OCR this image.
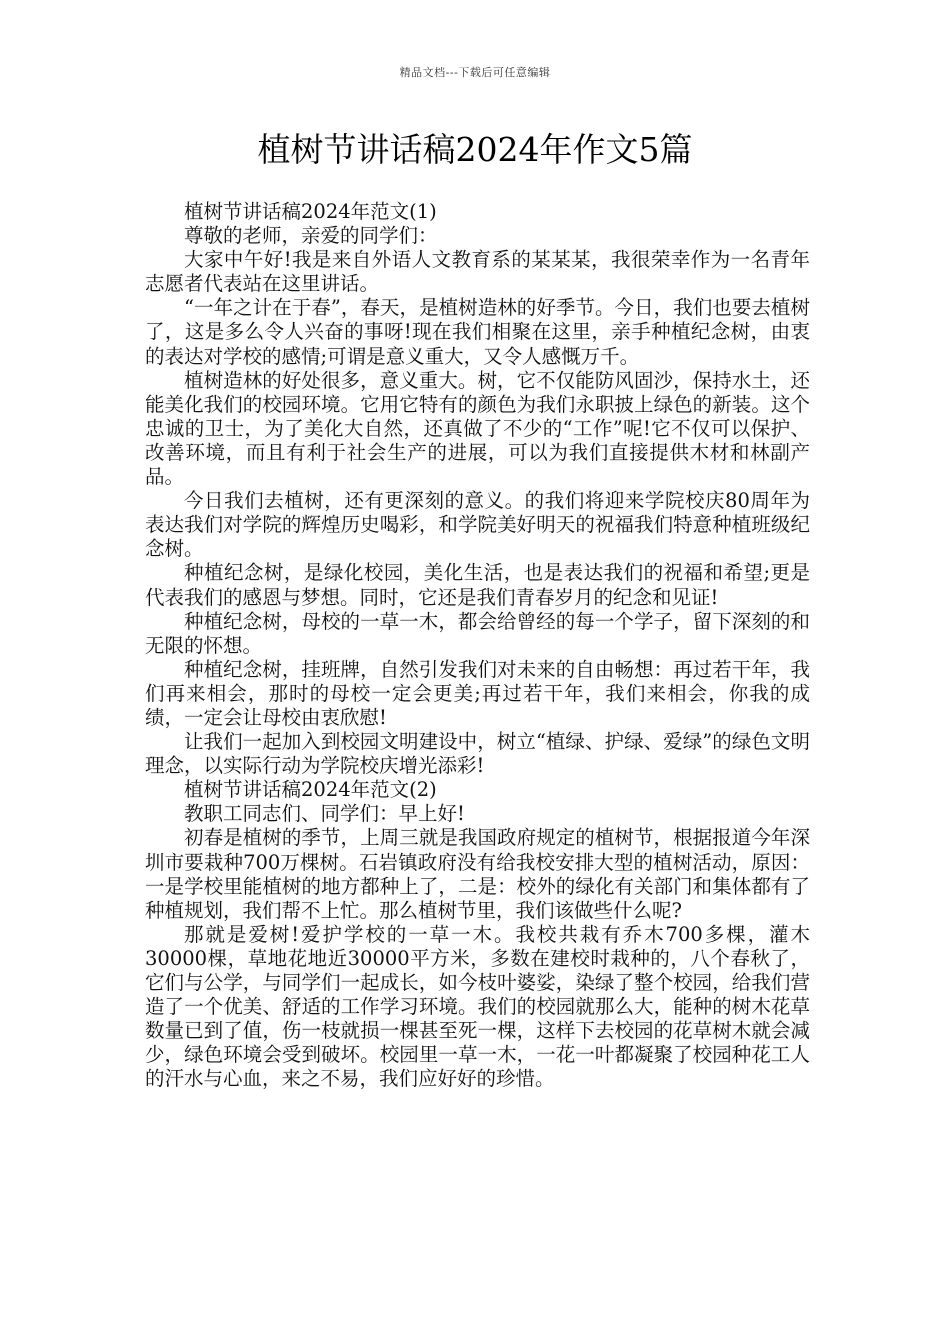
精品文档---下载后可任意编辑
植树节讲话稿2024年作文5篇

植树节讲话稿2024年范文(1)

尊敬的老师，亲爱的同学们：

大家中午好!我是来自外语人文教育系的某某某，我很荣幸作为一名青年志愿者代表站在这里讲话。

“一年之计在于春”，春天，是植树造林的好季节。今日，我们也要去植树了，这是多么令人兴奋的事呀!现在我们相聚在这里，亲手种植纪念树，由衷的表达对学校的感情;可谓是意义重大，又令人感慨万千。

植树造林的好处很多，意义重大。树，它不仅能防风固沙，保持水土，还能美化我们的校园环境。它用它特有的颜色为我们永职披上绿色的新装。这个忠诚的卫士，为了美化大自然，还真做了不少的“工作”呢!它不仅可以保护、改善环境，而且有利于社会生产的进展，可以为我们直接提供木材和林副产品。

今日我们去植树，还有更深刻的意义。的我们将迎来学院校庆80周年为表达我们对学院的辉煌历史喝彩，和学院美好明天的祝福我们特意种植班级纪念树。

种植纪念树，是绿化校园，美化生活，也是表达我们的祝福和希望;更是代表我们的感恩与梦想。同时，它还是我们青春岁月的纪念和见证!

种植纪念树，母校的一草一木，都会给曾经的每一个学子，留下深刻的和无限的怀想。

种植纪念树，挂班牌，自然引发我们对未来的自由畅想：再过若干年，我们再来相会，那时的母校一定会更美;再过若干年，我们来相会，你我的成绩，一定会让母校由衷欣慰!

让我们一起加入到校园文明建设中，树立“植绿、护绿、爱绿”的绿色文明理念，以实际行动为学院校庆增光添彩!

植树节讲话稿2024年范文(2)

教职工同志们、同学们：早上好!

初春是植树的季节，上周三就是我国政府规定的植树节，根据报道今年深圳市要栽种700万棵树。石岩镇政府没有给我校安排大型的植树活动，原因：一是学校里能植树的地方都种上了，二是：校外的绿化有关部门和集体都有了种植规划，我们帮不上忙。那么植树节里，我们该做些什么呢?

那就是爱树!爱护学校的一草一木。我校共栽有乔木700多棵，灌木30000棵，草地花地近30000平方米，多数在建校时栽种的，八个春秋了，它们与公学，与同学们一起成长，如今枝叶婆娑，染绿了整个校园，给我们营造了一个优美、舒适的工作学习环境。我们的校园就那么大，能种的树木花草数量已到了值，伤一枝就损一棵甚至死一棵，这样下去校园的花草树木就会减少，绿色环境会受到破坏。校园里一草一木，一花一叶都凝聚了校园种花工人的汗水与心血，来之不易，我们应好好的珍惜。
